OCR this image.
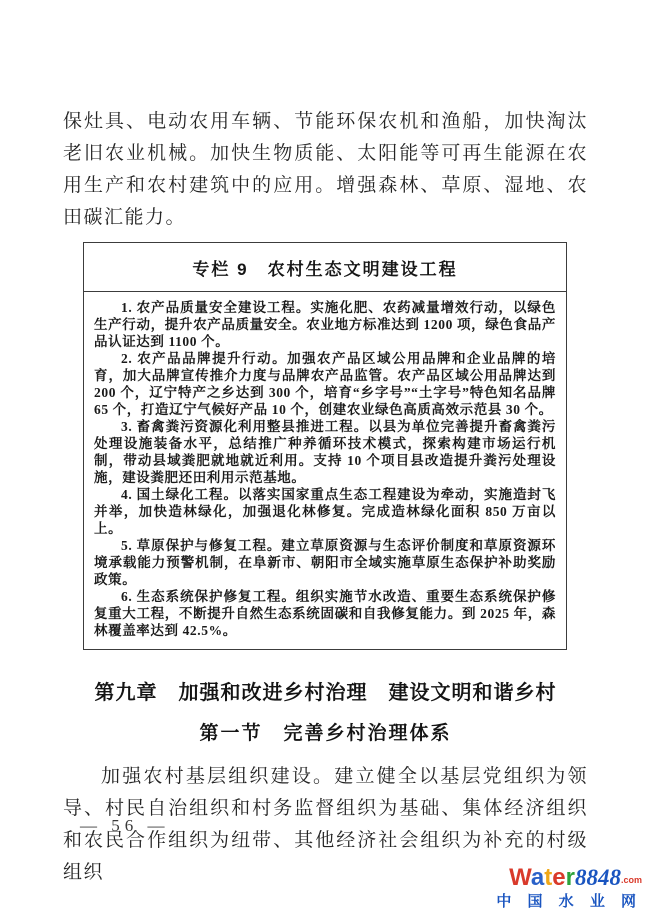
保灶具、电动农用车辆、节能环保农机和渔船，加快淘汰老旧农业机械。加快生物质能、太阳能等可再生能源在农用生产和农村建筑中的应用。增强森林、草原、湿地、农田碳汇能力。

专栏 9　农村生态文明建设工程

1. 农产品质量安全建设工程。实施化肥、农药减量增效行动，以绿色生产行动，提升农产品质量安全。农业地方标准达到 1200 项，绿色食品产品认证达到 1100 个。

2. 农产品品牌提升行动。加强农产品区域公用品牌和企业品牌的培育，加大品牌宣传推介力度与品牌农产品监管。农产品区域公用品牌达到 200 个，辽宁特产之乡达到 300 个，培育“乡字号”“土字号”特色知名品牌 65 个，打造辽宁气候好产品 10 个，创建农业绿色高质高效示范县 30 个。

3. 畜禽粪污资源化利用整县推进工程。以县为单位完善提升畜禽粪污处理设施装备水平，总结推广种养循环技术模式，探索构建市场运行机制，带动县域粪肥就地就近利用。支持 10 个项目县改造提升粪污处理设施，建设粪肥还田利用示范基地。

4. 国土绿化工程。以落实国家重点生态工程建设为牵动，实施造封飞并举，加快造林绿化，加强退化林修复。完成造林绿化面积 850 万亩以上。

5. 草原保护与修复工程。建立草原资源与生态评价制度和草原资源环境承载能力预警机制，在阜新市、朝阳市全域实施草原生态保护补助奖励政策。

6. 生态系统保护修复工程。组织实施节水改造、重要生态系统保护修复重大工程，不断提升自然生态系统固碳和自我修复能力。到 2025 年，森林覆盖率达到 42.5%。

第九章　加强和改进乡村治理　建设文明和谐乡村
第一节　完善乡村治理体系

加强农村基层组织建设。建立健全以基层党组织为领导、村民自治组织和村务监督组织为基础、集体经济组织和农民合作组织为纽带、其他经济社会组织为补充的村级组织

— 56 —
Water8848.com
中 国 水 业 网
